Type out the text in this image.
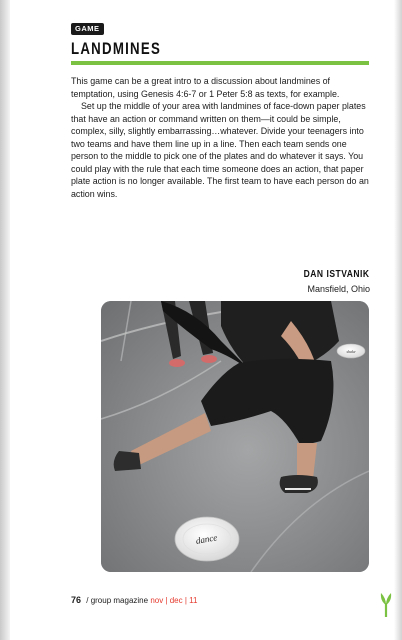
GAME
LANDMINES

This game can be a great intro to a discussion about landmines of temptation, using Genesis 4:6-7 or 1 Peter 5:8 as texts, for example.

Set up the middle of your area with landmines of face-down paper plates that have an action or command written on them—it could be simple, complex, silly, slightly embarrassing…whatever. Divide your teenagers into two teams and have them line up in a line. Then each team sends one person to the middle to pick one of the plates and do whatever it says. You could play with the rule that each time someone does an action, that paper plate action is no longer available. The first team to have each person do an action wins.

DAN ISTVANIK
Mansfield, Ohio
shake
dance
76 / group magazine nov | dec | 11
